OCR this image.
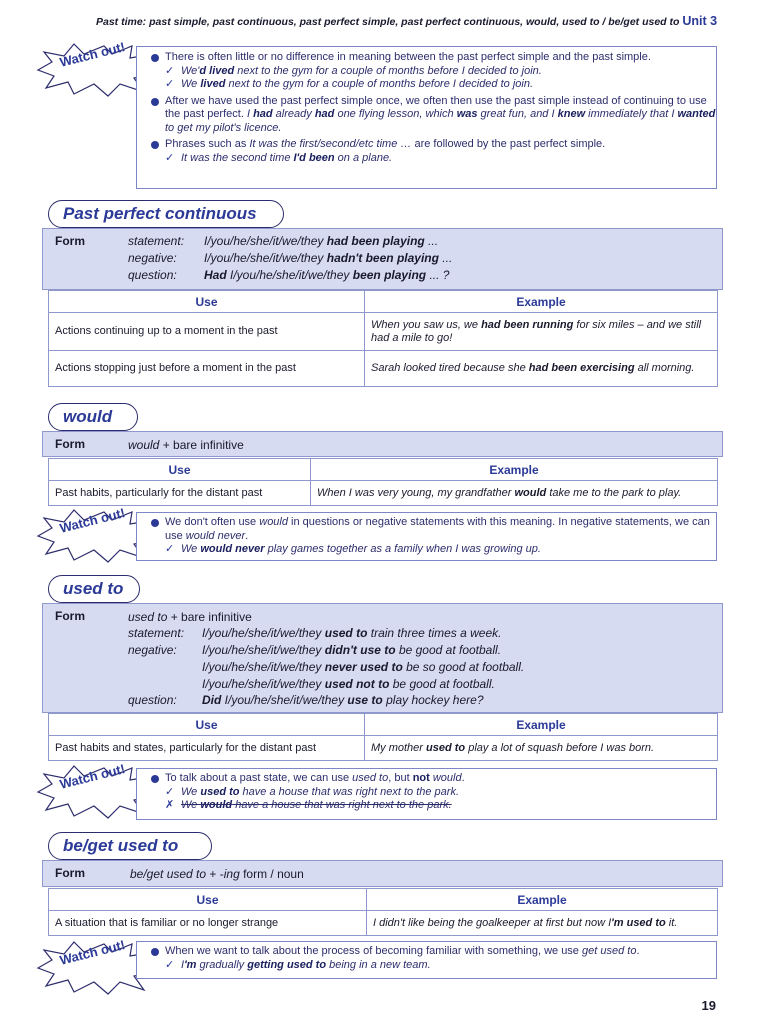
Past time: past simple, past continuous, past perfect simple, past perfect continuous, would, used to / be/get used to Unit 3
Watch out!	There is often little or no difference in meaning between the past perfect simple and the past simple.
✓ We'd lived next to the gym for a couple of months before I decided to join.
✓ We lived next to the gym for a couple of months before I decided to join.
After we have used the past perfect simple once, we often then use the past simple instead of continuing to use the past perfect. I had already had one flying lesson, which was great fun, and I knew immediately that I wanted to get my pilot's licence.
Phrases such as It was the first/second/etc time … are followed by the past perfect simple.
✓ It was the second time I'd been on a plane.
Past perfect continuous
Form	statement: I/you/he/she/it/we/they had been playing ...
negative: I/you/he/she/it/we/they hadn't been playing ...
question: Had I/you/he/she/it/we/they been playing ... ?
Use	Example
Actions continuing up to a moment in the past	When you saw us, we had been running for six miles – and we still had a mile to go!
Actions stopping just before a moment in the past	Sarah looked tired because she had been exercising all morning.
would
Form	would + bare infinitive
Use	Example
Past habits, particularly for the distant past	When I was very young, my grandfather would take me to the park to play.
Watch out!	We don't often use would in questions or negative statements with this meaning. In negative statements, we can use would never.
✓ We would never play games together as a family when I was growing up.
used to
Form	used to + bare infinitive
statement: I/you/he/she/it/we/they used to train three times a week.
negative: I/you/he/she/it/we/they didn't use to be good at football.
I/you/he/she/it/we/they never used to be so good at football.
I/you/he/she/it/we/they used not to be good at football.
question: Did I/you/he/she/it/we/they use to play hockey here?
Use	Example
Past habits and states, particularly for the distant past	My mother used to play a lot of squash before I was born.
Watch out!	To talk about a past state, we can use used to, but not would.
✓ We used to have a house that was right next to the park.
✗ We would have a house that was right next to the park.
be/get used to
Form	be/get used to + -ing form / noun
Use	Example
A situation that is familiar or no longer strange	I didn't like being the goalkeeper at first but now I'm used to it.
Watch out!	When we want to talk about the process of becoming familiar with something, we use get used to.
✓ I'm gradually getting used to being in a new team.
19
